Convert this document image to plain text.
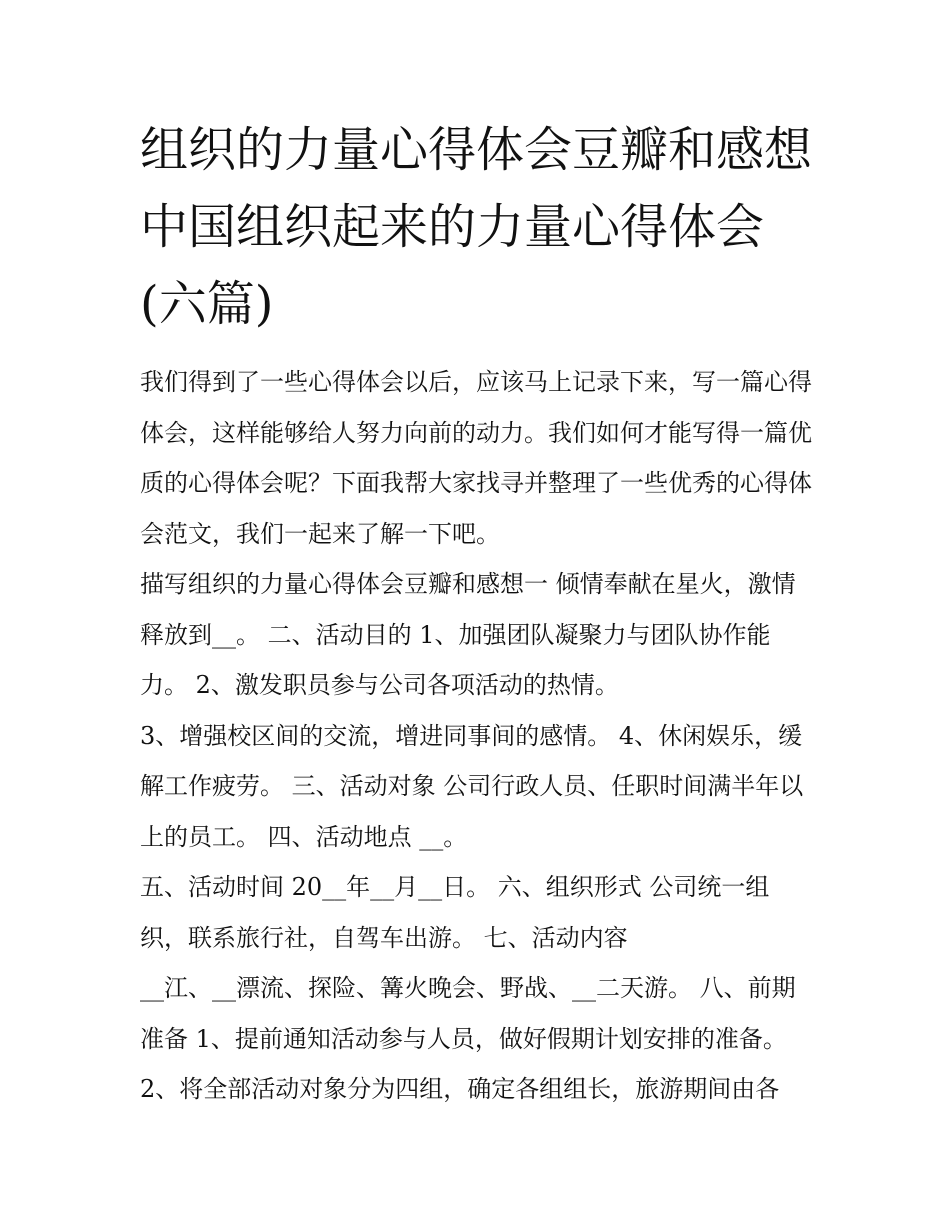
组织的力量心得体会豆瓣和感想 中国组织起来的力量心得体会(六篇)

我们得到了一些心得体会以后，应该马上记录下来，写一篇心得体会，这样能够给人努力向前的动力。我们如何才能写得一篇优质的心得体会呢？下面我帮大家找寻并整理了一些优秀的心得体会范文，我们一起来了解一下吧。

描写组织的力量心得体会豆瓣和感想一 倾情奉献在星火，激情释放到__。 二、活动目的 1、加强团队凝聚力与团队协作能力。 2、激发职员参与公司各项活动的热情。

3、增强校区间的交流，增进同事间的感情。 4、休闲娱乐，缓解工作疲劳。 三、活动对象 公司行政人员、任职时间满半年以上的员工。 四、活动地点 __。

五、活动时间 20__年__月__日。 六、组织形式 公司统一组织，联系旅行社，自驾车出游。 七、活动内容

__江、__漂流、探险、篝火晚会、野战、__二天游。 八、前期准备 1、提前通知活动参与人员，做好假期计划安排的准备。

2、将全部活动对象分为四组，确定各组组长，旅游期间由各
